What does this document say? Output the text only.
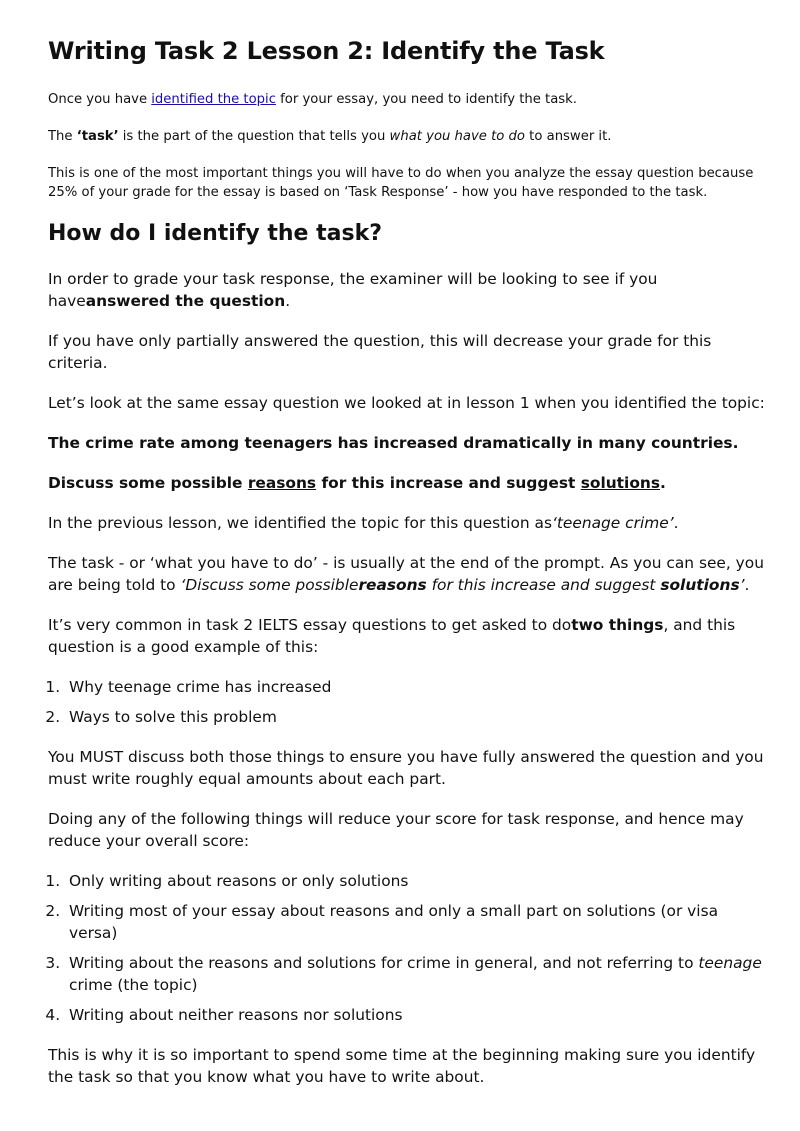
Writing Task 2 Lesson 2: Identify the Task

Once you have identified the topic for your essay, you need to identify the task.

The ‘task’ is the part of the question that tells you what you have to do to answer it.

This is one of the most important things you will have to do when you analyze the essay question because 25% of your grade for the essay is based on ‘Task Response’ - how you have responded to the task.

How do I identify the task?

In order to grade your task response, the examiner will be looking to see if you haveanswered the question.

If you have only partially answered the question, this will decrease your grade for this criteria.

Let’s look at the same essay question we looked at in lesson 1 when you identified the topic:

The crime rate among teenagers has increased dramatically in many countries.

Discuss some possible reasons for this increase and suggest solutions.

In the previous lesson, we identified the topic for this question as‘teenage crime’.

The task - or ‘what you have to do’ - is usually at the end of the prompt. As you can see, you are being told to ‘Discuss some possiblereasons for this increase and suggest solutions’.

It’s very common in task 2 IELTS essay questions to get asked to dotwo things, and this question is a good example of this:

1. Why teenage crime has increased
2. Ways to solve this problem

You MUST discuss both those things to ensure you have fully answered the question and you must write roughly equal amounts about each part.

Doing any of the following things will reduce your score for task response, and hence may reduce your overall score:

1. Only writing about reasons or only solutions
2. Writing most of your essay about reasons and only a small part on solutions (or visa versa)
3. Writing about the reasons and solutions for crime in general, and not referring to teenage crime (the topic)
4. Writing about neither reasons nor solutions

This is why it is so important to spend some time at the beginning making sure you identify the task so that you know what you have to write about.
